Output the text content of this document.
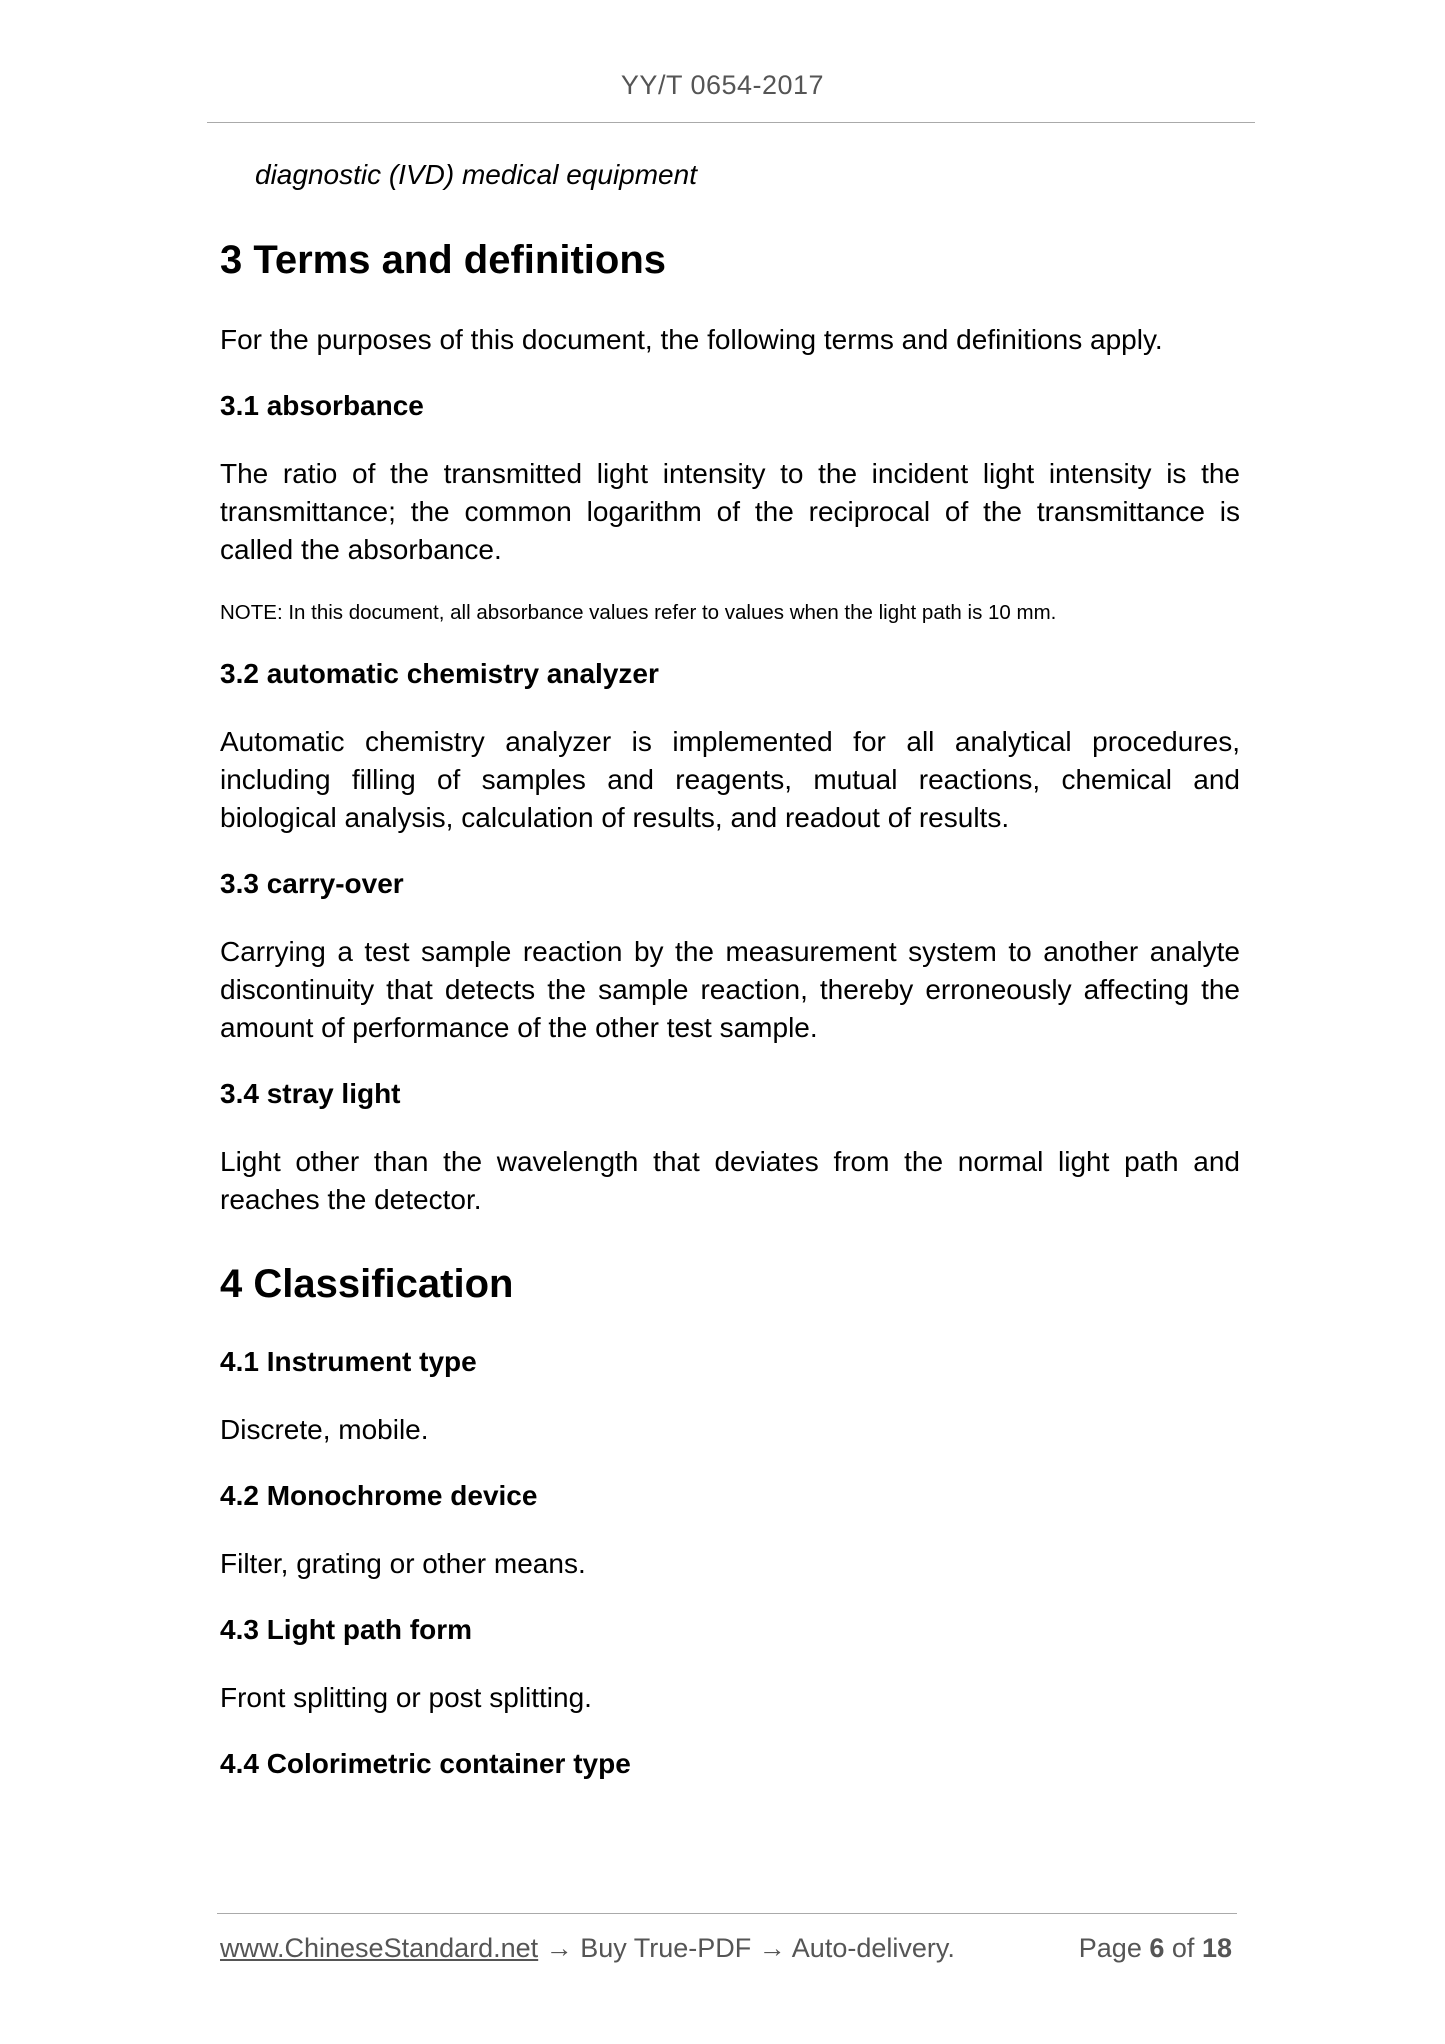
YY/T 0654-2017
diagnostic (IVD) medical equipment
3 Terms and definitions

For the purposes of this document, the following terms and definitions apply.

3.1 absorbance

The ratio of the transmitted light intensity to the incident light intensity is the transmittance; the common logarithm of the reciprocal of the transmittance is called the absorbance.

NOTE: In this document, all absorbance values refer to values when the light path is 10 mm.

3.2 automatic chemistry analyzer

Automatic chemistry analyzer is implemented for all analytical procedures, including filling of samples and reagents, mutual reactions, chemical and biological analysis, calculation of results, and readout of results.

3.3 carry-over

Carrying a test sample reaction by the measurement system to another analyte discontinuity that detects the sample reaction, thereby erroneously affecting the amount of performance of the other test sample.

3.4 stray light

Light other than the wavelength that deviates from the normal light path and reaches the detector.

4 Classification
4.1 Instrument type

Discrete, mobile.

4.2 Monochrome device

Filter, grating or other means.

4.3 Light path form

Front splitting or post splitting.

4.4 Colorimetric container type
www.ChineseStandard.net → Buy True-PDF → Auto-delivery.	Page 6 of 18
